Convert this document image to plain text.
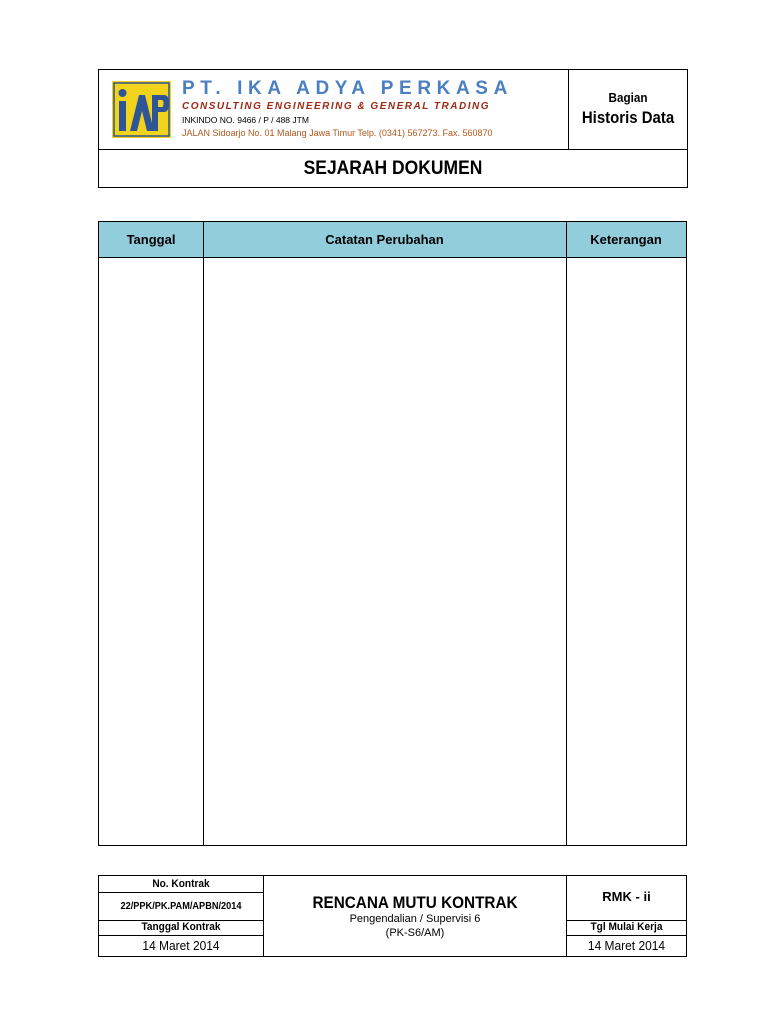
PT. IKA ADYA PERKASA
CONSULTING ENGINEERING & GENERAL TRADING
INKINDO NO. 9466 / P / 488 JTM
JALAN Sidoarjo No. 01 Malang Jawa Timur Telp. (0341) 567273. Fax. 560870
Bagian
Historis Data
SEJARAH DOKUMEN
Tanggal	Catatan Perubahan	Keterangan
No. Kontrak
22/PPK/PK.PAM/APBN/2014
Tanggal Kontrak
14 Maret 2014
RENCANA MUTU KONTRAK
Pengendalian / Supervisi 6
(PK-S6/AM)
RMK - ii
Tgl Mulai Kerja
14 Maret 2014
